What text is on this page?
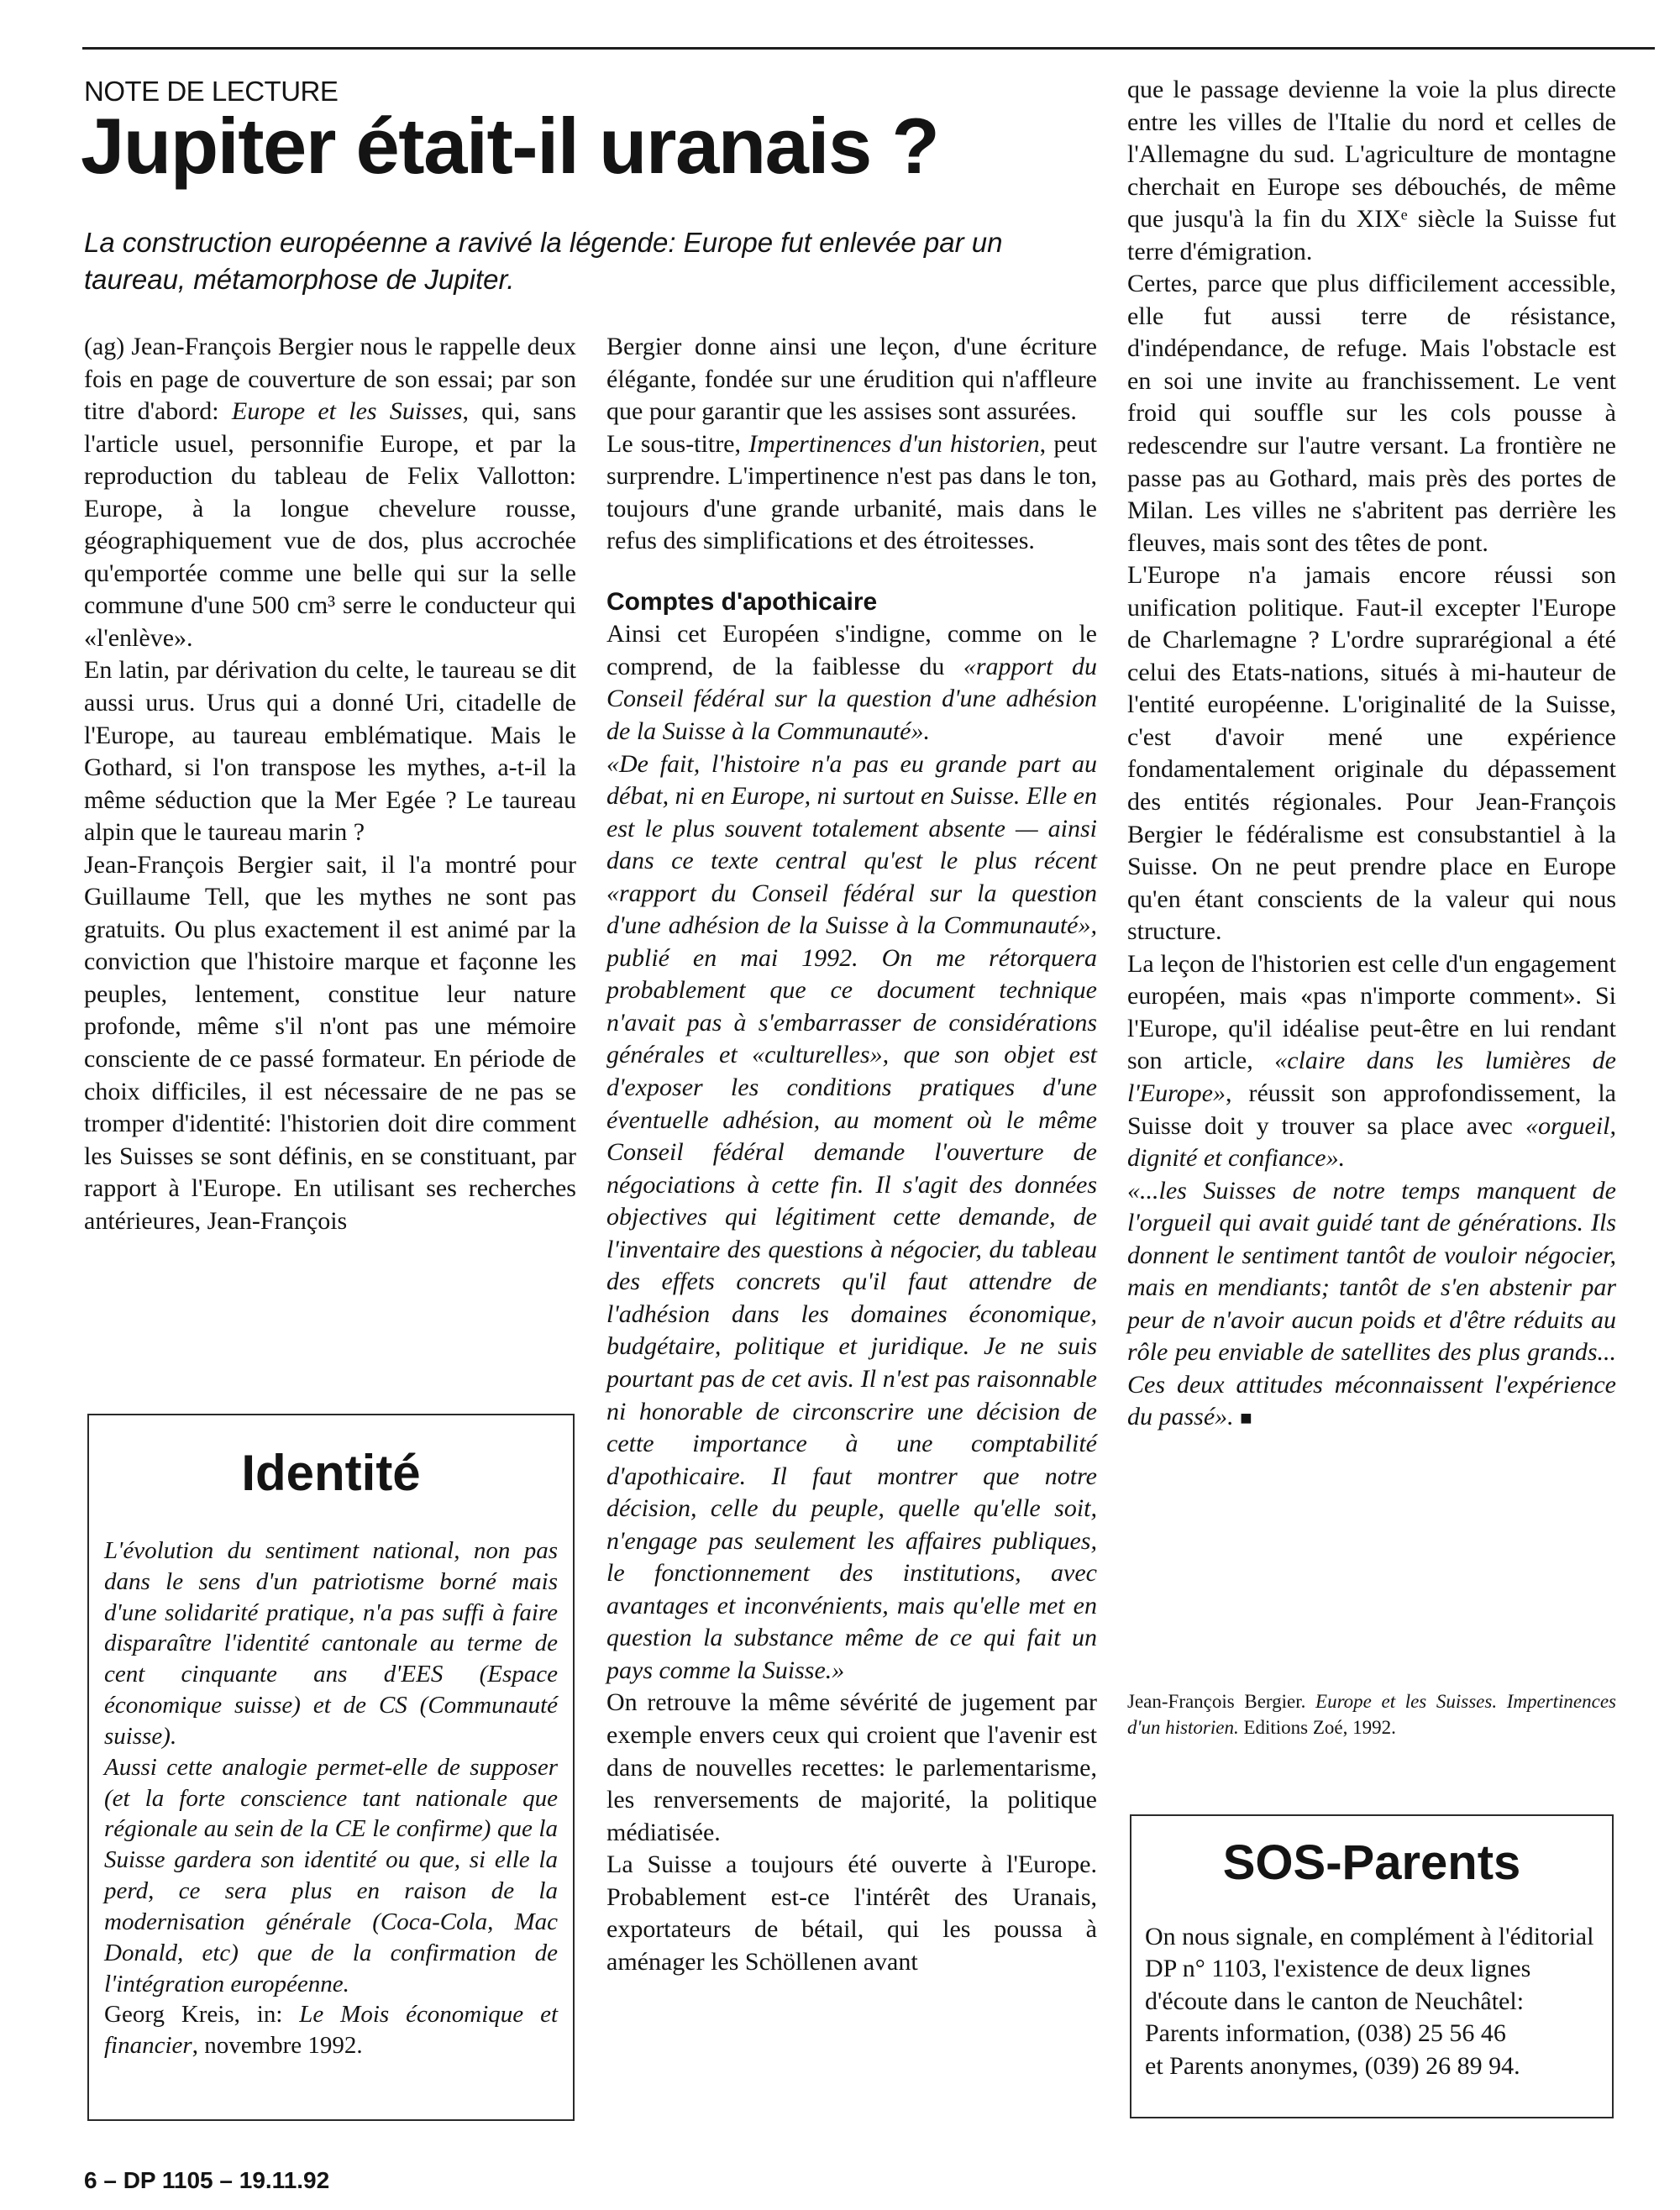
NOTE DE LECTURE
Jupiter était-il uranais ?

La construction européenne a ravivé la légende: Europe fut enlevée par un taureau, métamorphose de Jupiter.

(ag) Jean-François Bergier nous le rappelle deux fois en page de couverture de son essai; par son titre d'abord: Europe et les Suisses, qui, sans l'article usuel, personnifie Europe, et par la reproduction du tableau de Felix Vallotton: Europe, à la longue chevelure rousse, géographiquement vue de dos, plus accrochée qu'emportée comme une belle qui sur la selle commune d'une 500 cm³ serre le conducteur qui «l'enlève».

En latin, par dérivation du celte, le taureau se dit aussi urus. Urus qui a donné Uri, citadelle de l'Europe, au taureau emblématique. Mais le Gothard, si l'on transpose les mythes, a-t-il la même séduction que la Mer Egée ? Le taureau alpin que le taureau marin ?

Jean-François Bergier sait, il l'a montré pour Guillaume Tell, que les mythes ne sont pas gratuits. Ou plus exactement il est animé par la conviction que l'histoire marque et façonne les peuples, lentement, constitue leur nature profonde, même s'il n'ont pas une mémoire consciente de ce passé formateur. En période de choix difficiles, il est nécessaire de ne pas se tromper d'identité: l'historien doit dire comment les Suisses se sont définis, en se constituant, par rapport à l'Europe. En utilisant ses recherches antérieures, Jean-François

Identité

L'évolution du sentiment national, non pas dans le sens d'un patriotisme borné mais d'une solidarité pratique, n'a pas suffi à faire disparaître l'identité cantonale au terme de cent cinquante ans d'EES (Espace économique suisse) et de CS (Communauté suisse).

Aussi cette analogie permet-elle de supposer (et la forte conscience tant nationale que régionale au sein de la CE le confirme) que la Suisse gardera son identité ou que, si elle la perd, ce sera plus en raison de la modernisation générale (Coca-Cola, Mac Donald, etc) que de la confirmation de l'intégration européenne.

Georg Kreis, in: Le Mois économique et financier, novembre 1992.

Bergier donne ainsi une leçon, d'une écriture élégante, fondée sur une érudition qui n'affleure que pour garantir que les assises sont assurées.

Le sous-titre, Impertinences d'un historien, peut surprendre. L'impertinence n'est pas dans le ton, toujours d'une grande urbanité, mais dans le refus des simplifications et des étroitesses.

Comptes d'apothicaire

Ainsi cet Européen s'indigne, comme on le comprend, de la faiblesse du «rapport du Conseil fédéral sur la question d'une adhésion de la Suisse à la Communauté».

«De fait, l'histoire n'a pas eu grande part au débat, ni en Europe, ni surtout en Suisse. Elle en est le plus souvent totalement absente — ainsi dans ce texte central qu'est le plus récent «rapport du Conseil fédéral sur la question d'une adhésion de la Suisse à la Communauté», publié en mai 1992. On me rétorquera probablement que ce document technique n'avait pas à s'embarrasser de considérations générales et «culturelles», que son objet est d'exposer les conditions pratiques d'une éventuelle adhésion, au moment où le même Conseil fédéral demande l'ouverture de négociations à cette fin. Il s'agit des données objectives qui légitiment cette demande, de l'inventaire des questions à négocier, du tableau des effets concrets qu'il faut attendre de l'adhésion dans les domaines économique, budgétaire, politique et juridique. Je ne suis pourtant pas de cet avis. Il n'est pas raisonnable ni honorable de circonscrire une décision de cette importance à une comptabilité d'apothicaire. Il faut montrer que notre décision, celle du peuple, quelle qu'elle soit, n'engage pas seulement les affaires publiques, le fonctionnement des institutions, avec avantages et inconvénients, mais qu'elle met en question la substance même de ce qui fait un pays comme la Suisse.»

On retrouve la même sévérité de jugement par exemple envers ceux qui croient que l'avenir est dans de nouvelles recettes: le parlementarisme, les renversements de majorité, la politique médiatisée.

La Suisse a toujours été ouverte à l'Europe. Probablement est-ce l'intérêt des Uranais, exportateurs de bétail, qui les poussa à aménager les Schöllenen avant

que le passage devienne la voie la plus directe entre les villes de l'Italie du nord et celles de l'Allemagne du sud. L'agriculture de montagne cherchait en Europe ses débouchés, de même que jusqu'à la fin du XIXᵉ siècle la Suisse fut terre d'émigration.

Certes, parce que plus difficilement accessible, elle fut aussi terre de résistance, d'indépendance, de refuge. Mais l'obstacle est en soi une invite au franchissement. Le vent froid qui souffle sur les cols pousse à redescendre sur l'autre versant. La frontière ne passe pas au Gothard, mais près des portes de Milan. Les villes ne s'abritent pas derrière les fleuves, mais sont des têtes de pont.

L'Europe n'a jamais encore réussi son unification politique. Faut-il excepter l'Europe de Charlemagne ? L'ordre suprarégional a été celui des Etats-nations, situés à mi-hauteur de l'entité européenne. L'originalité de la Suisse, c'est d'avoir mené une expérience fondamentalement originale du dépassement des entités régionales. Pour Jean-François Bergier le fédéralisme est consubstantiel à la Suisse. On ne peut prendre place en Europe qu'en étant conscients de la valeur qui nous structure.

La leçon de l'historien est celle d'un engagement européen, mais «pas n'importe comment». Si l'Europe, qu'il idéalise peut-être en lui rendant son article, «claire dans les lumières de l'Europe», réussit son approfondissement, la Suisse doit y trouver sa place avec «orgueil, dignité et confiance».

«...les Suisses de notre temps manquent de l'orgueil qui avait guidé tant de générations. Ils donnent le sentiment tantôt de vouloir négocier, mais en mendiants; tantôt de s'en abstenir par peur de n'avoir aucun poids et d'être réduits au rôle peu enviable de satellites des plus grands... Ces deux attitudes méconnaissent l'expérience du passé». ■

Jean-François Bergier. Europe et les Suisses. Impertinences d'un historien. Editions Zoé, 1992.

SOS-Parents

On nous signale, en complément à l'éditorial DP n° 1103, l'existence de deux lignes d'écoute dans le canton de Neuchâtel:

Parents information, (038) 25 56 46

et Parents anonymes, (039) 26 89 94.

6 – DP 1105 – 19.11.92
